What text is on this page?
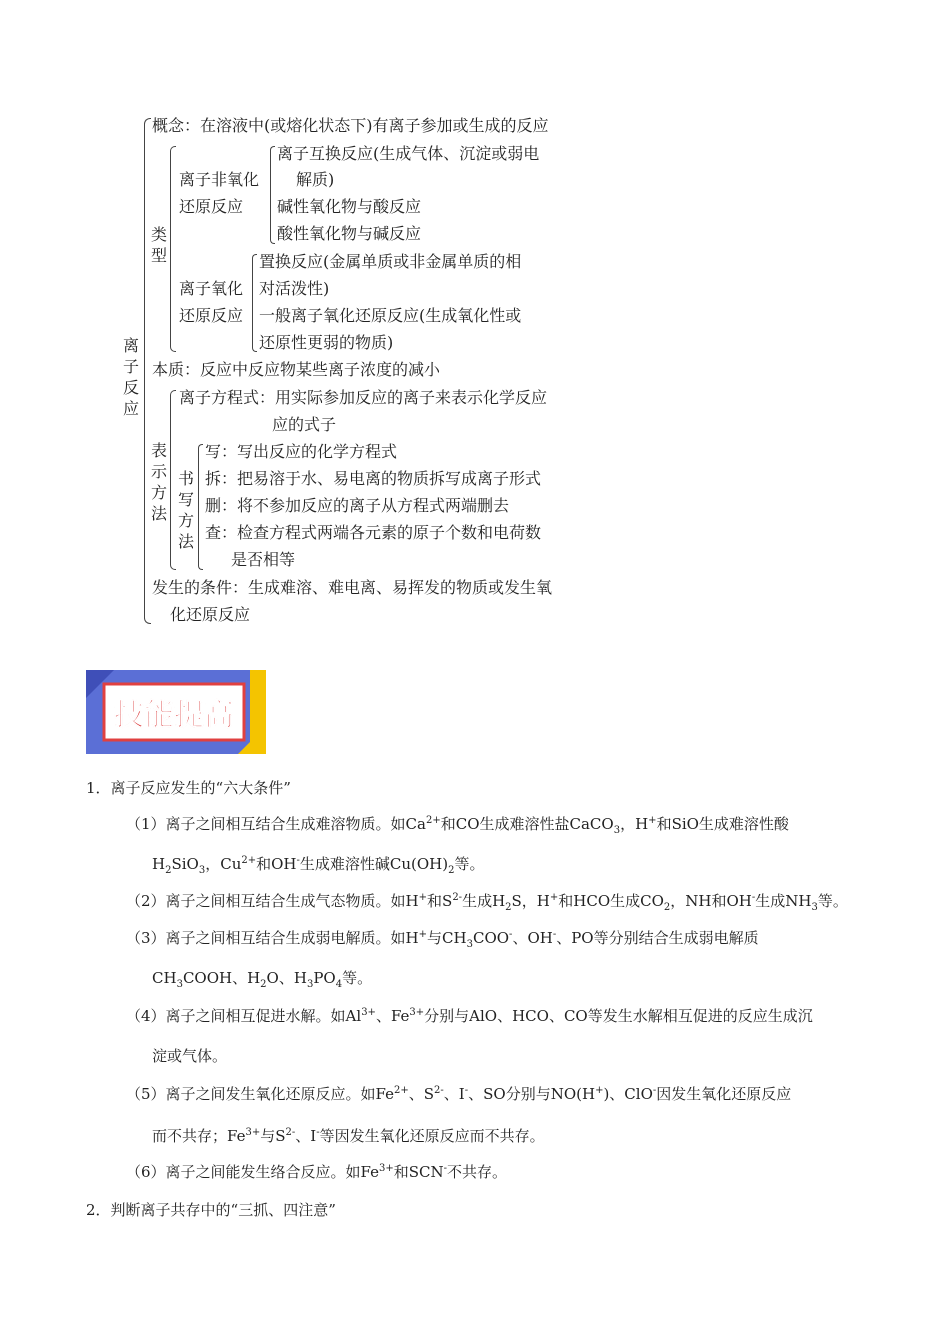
离
子
反
应
概念：在溶液中(或熔化状态下)有离子参加或生成的反应
类
型
离子非氧化
还原反应
离子互换反应(生成气体、沉淀或弱电
解质)
碱性氧化物与酸反应
酸性氧化物与碱反应
离子氧化
还原反应
置换反应(金属单质或非金属单质的相
对活泼性)
一般离子氧化还原反应(生成氧化性或
还原性更弱的物质)
本质：反应中反应物某些离子浓度的减小
表
示
方
法
离子方程式：用实际参加反应的离子来表示化学反应
应的式子
书
写
方
法
写：写出反应的化学方程式
拆：把易溶于水、易电离的物质拆写成离子形式
删：将不参加反应的离子从方程式两端删去
查：检查方程式两端各元素的原子个数和电荷数
是否相等
发生的条件：生成难溶、难电离、易挥发的物质或发生氧
化还原反应
技能提高
1．离子反应发生的“六大条件”
（1）离子之间相互结合生成难溶物质。如$Ca^{2+}$和CO生成难溶性盐CaCO$_3$，H+和SiO生成难溶性酸
$H_2SiO_3$，$Cu^{2+}$和OH-生成难溶性碱$Cu(OH)_2$等。
（2）离子之间相互结合生成气态物质。如H+和$S^{2-}$生成$H_2S$，H+和HCO生成$CO_2$，NH和OH-生成$NH_3$等。
（3）离子之间相互结合生成弱电解质。如H+与$CH_3COO^-$、OH-、PO等分别结合生成弱电解质
$CH_3COOH$、$H_2O$、$H_3PO_4$等。
（4）离子之间相互促进水解。如$Al^{3+}$、$Fe^{3+}$分别与AlO、HCO、CO等发生水解相互促进的反应生成沉
淀或气体。
（5）离子之间发生氧化还原反应。如$Fe^{2+}$、$S^{2-}$、I-、SO分别与NO(H+)、ClO-因发生氧化还原反应
而不共存；$Fe^{3+}$与$S^{2-}$、I-等因发生氧化还原反应而不共存。
（6）离子之间能发生络合反应。如$Fe^{3+}$和SCN-不共存。
2．判断离子共存中的“三抓、四注意”
